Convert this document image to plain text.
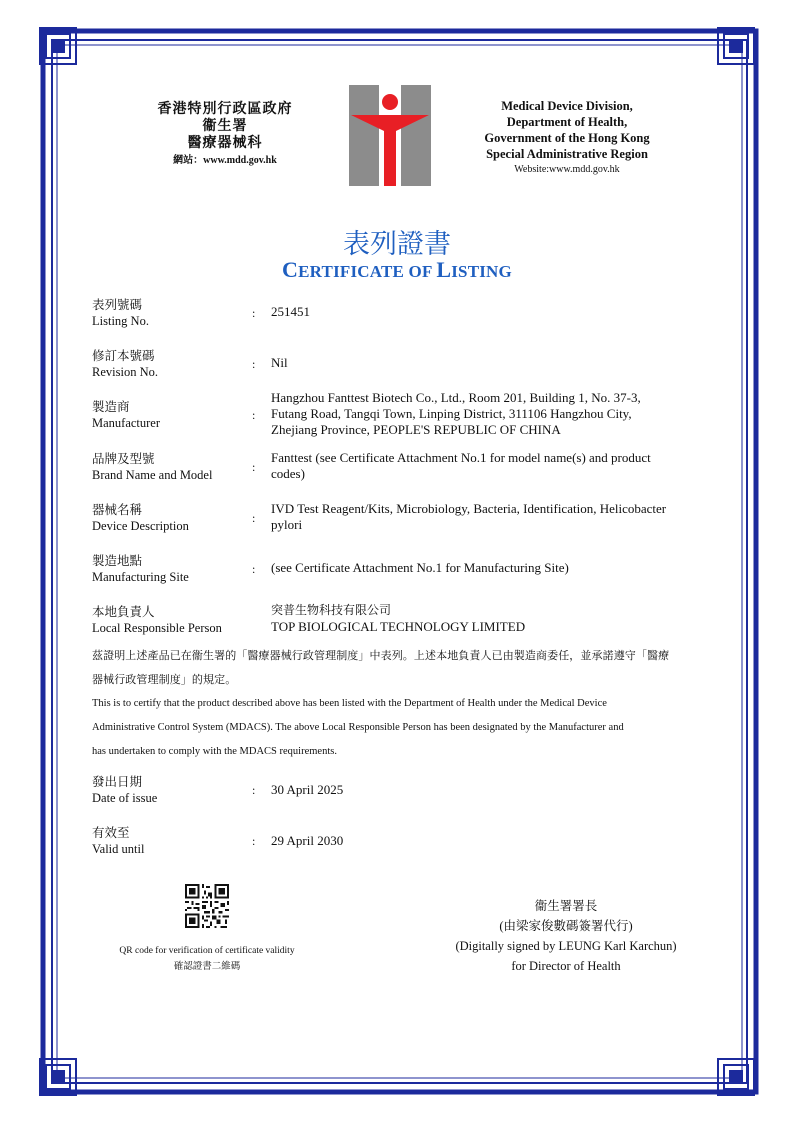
香港特別行政區政府
衞生署
醫療器械科
網站：www.mdd.gov.hk
Medical Device Division,
Department of Health,
Government of the Hong Kong
Special Administrative Region
Website:www.mdd.gov.hk
表列證書
CERTIFICATE OF LISTING
表列號碼
Listing No.
: 251451
修訂本號碼
Revision No.
: Nil
製造商
Manufacturer
:
Hangzhou Fanttest Biotech Co., Ltd., Room 201, Building 1, No. 37-3,
Futang Road, Tangqi Town, Linping District, 311106 Hangzhou City,
Zhejiang Province, PEOPLE'S REPUBLIC OF CHINA
品牌及型號
Brand Name and Model
:
Fanttest (see Certificate Attachment No.1 for model name(s) and product
codes)
器械名稱
Device Description
:
IVD Test Reagent/Kits, Microbiology, Bacteria, Identification, Helicobacter
pylori
製造地點
Manufacturing Site
: (see Certificate Attachment No.1 for Manufacturing Site)
本地負責人
Local Responsible Person
突普生物科技有限公司
TOP BIOLOGICAL TECHNOLOGY LIMITED
茲證明上述產品已在衞生署的「醫療器械行政管理制度」中表列。上述本地負責人已由製造商委任，並承諾遵守「醫療
器械行政管理制度」的規定。
This is to certify that the product described above has been listed with the Department of Health under the Medical Device
Administrative Control System (MDACS). The above Local Responsible Person has been designated by the Manufacturer and
has undertaken to comply with the MDACS requirements.
發出日期
Date of issue
: 30 April 2025
有效至
Valid until
: 29 April 2030
QR code for verification of certificate validity
確認證書二維碼
衞生署署長
(由梁家俊數碼簽署代行)
(Digitally signed by LEUNG Karl Karchun)
for Director of Health
